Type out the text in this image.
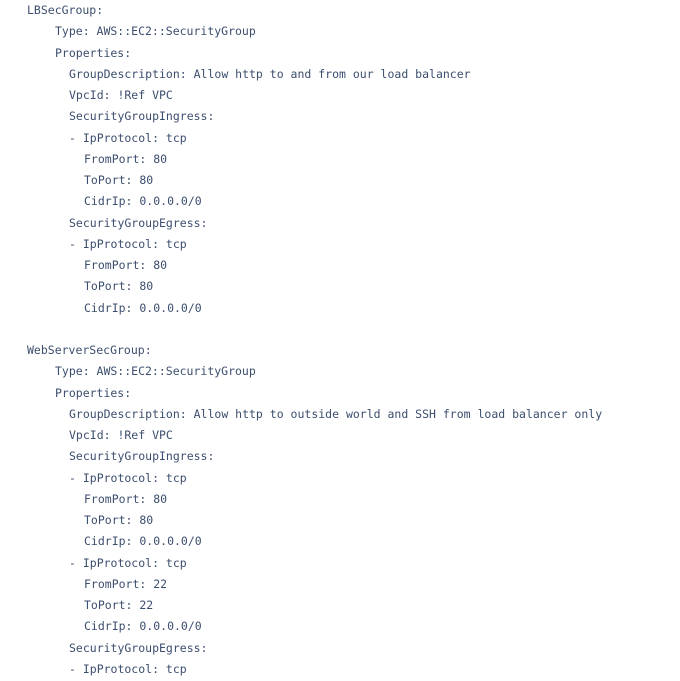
LBSecGroup:
Type: AWS::EC2::SecurityGroup
Properties:
GroupDescription: Allow http to and from our load balancer
VpcId: !Ref VPC
SecurityGroupIngress:
- IpProtocol: tcp
FromPort: 80
ToPort: 80
CidrIp: 0.0.0.0/0
SecurityGroupEgress:
- IpProtocol: tcp
FromPort: 80
ToPort: 80
CidrIp: 0.0.0.0/0
WebServerSecGroup:
Type: AWS::EC2::SecurityGroup
Properties:
GroupDescription: Allow http to outside world and SSH from load balancer only
VpcId: !Ref VPC
SecurityGroupIngress:
- IpProtocol: tcp
FromPort: 80
ToPort: 80
CidrIp: 0.0.0.0/0
- IpProtocol: tcp
FromPort: 22
ToPort: 22
CidrIp: 0.0.0.0/0
SecurityGroupEgress:
- IpProtocol: tcp
